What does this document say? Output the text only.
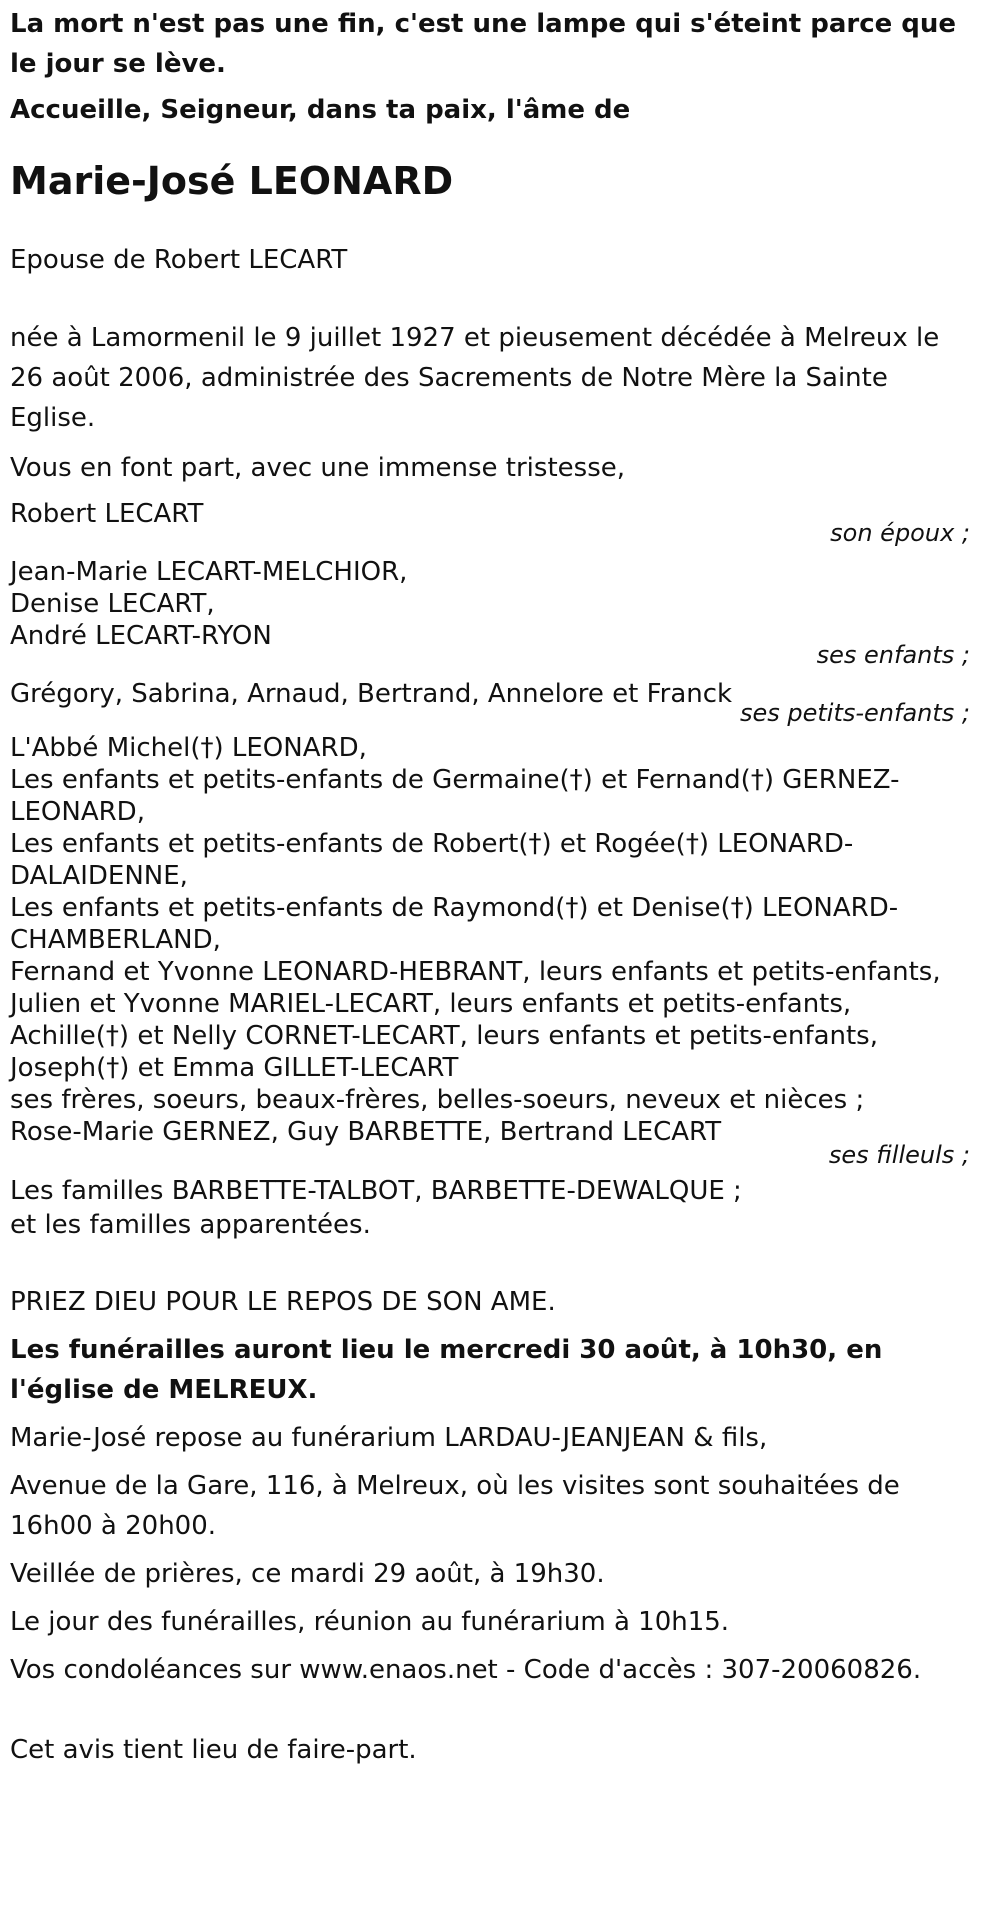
La mort n'est pas une fin, c'est une lampe qui s'éteint parce que le jour se lève.

Accueille, Seigneur, dans ta paix, l'âme de

Marie-José LEONARD

Epouse de Robert LECART

née à Lamormenil le 9 juillet 1927 et pieusement décédée à Melreux le 26 août 2006, administrée des Sacrements de Notre Mère la Sainte Eglise.

Vous en font part, avec une immense tristesse,

Robert LECART
son époux ;
Jean-Marie LECART-MELCHIOR,
Denise LECART,
André LECART-RYON
ses enfants ;
Grégory, Sabrina, Arnaud, Bertrand, Annelore et Franck
ses petits-enfants ;
L'Abbé Michel(†) LEONARD,
Les enfants et petits-enfants de Germaine(†) et Fernand(†) GERNEZ-LEONARD,
Les enfants et petits-enfants de Robert(†) et Rogée(†) LEONARD-DALAIDENNE,
Les enfants et petits-enfants de Raymond(†) et Denise(†) LEONARD-CHAMBERLAND,
Fernand et Yvonne LEONARD-HEBRANT, leurs enfants et petits-enfants,
Julien et Yvonne MARIEL-LECART, leurs enfants et petits-enfants,
Achille(†) et Nelly CORNET-LECART, leurs enfants et petits-enfants,
Joseph(†) et Emma GILLET-LECART
ses frères, soeurs, beaux-frères, belles-soeurs, neveux et nièces ;
Rose-Marie GERNEZ, Guy BARBETTE, Bertrand LECART
ses filleuls ;
Les familles BARBETTE-TALBOT, BARBETTE-DEWALQUE ;
et les familles apparentées.

PRIEZ DIEU POUR LE REPOS DE SON AME.

Les funérailles auront lieu le mercredi 30 août, à 10h30, en l'église de MELREUX.

Marie-José repose au funérarium LARDAU-JEANJEAN & fils,

Avenue de la Gare, 116, à Melreux, où les visites sont souhaitées de 16h00 à 20h00.

Veillée de prières, ce mardi 29 août, à 19h30.

Le jour des funérailles, réunion au funérarium à 10h15.

Vos condoléances sur www.enaos.net - Code d'accès : 307-20060826.

Cet avis tient lieu de faire-part.
